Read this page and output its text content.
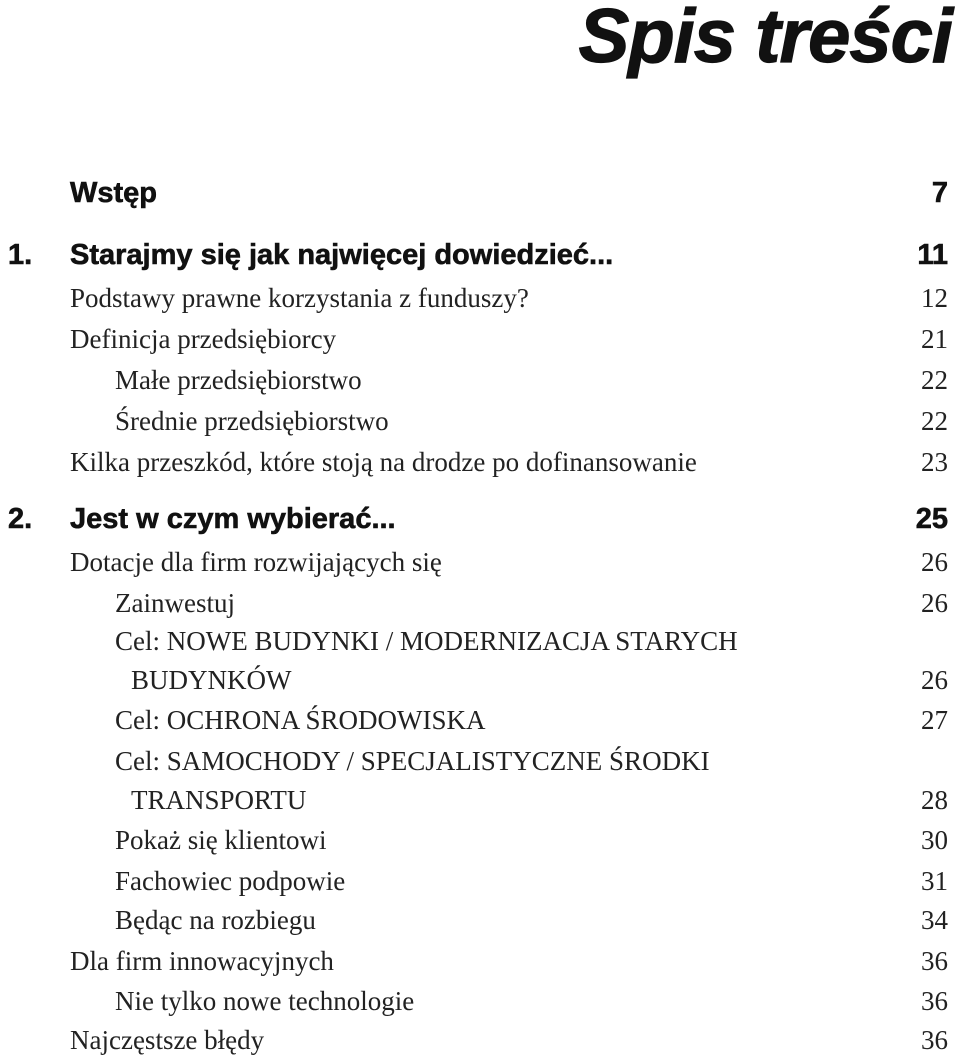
Spis treści
Wstęp	7
1. Starajmy się jak najwięcej dowiedzieć...	11
Podstawy prawne korzystania z funduszy?	12
Definicja przedsiębiorcy	21
Małe przedsiębiorstwo	22
Średnie przedsiębiorstwo	22
Kilka przeszkód, które stoją na drodze po dofinansowanie	23
2. Jest w czym wybierać...	25
Dotacje dla firm rozwijających się	26
Zainwestuj	26
Cel: NOWE BUDYNKI / MODERNIZACJA STARYCH
BUDYNKÓW	26
Cel: OCHRONA ŚRODOWISKA	27
Cel: SAMOCHODY / SPECJALISTYCZNE ŚRODKI
TRANSPORTU	28
Pokaż się klientowi	30
Fachowiec podpowie	31
Będąc na rozbiegu	34
Dla firm innowacyjnych	36
Nie tylko nowe technologie	36
Najczęstsze błędy	36
